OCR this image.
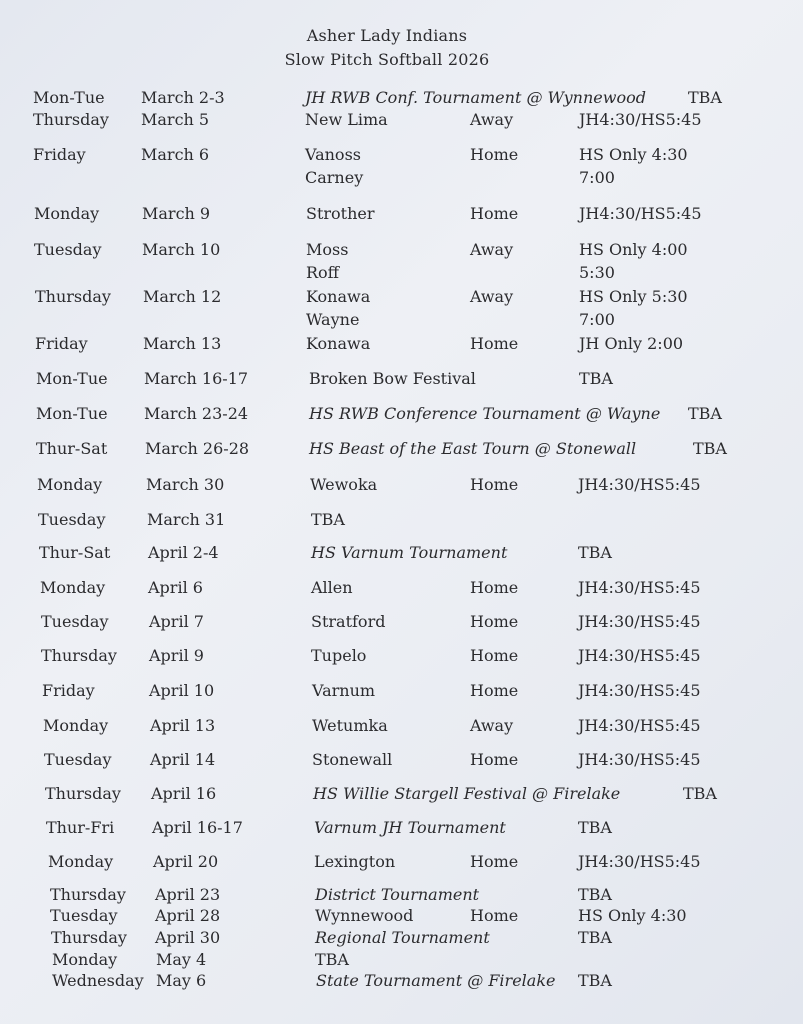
Asher Lady Indians
Slow Pitch Softball 2026
Mon-Tue March 2-3	JH RWB Conf. Tournament @ Wynnewood	TBA
Thursday March 5	New Lima	Away	JH4:30/HS5:45
Friday	March 6	Vanoss	Home	HS Only 4:30
Carney	7:00
Monday	March 9	Strother	Home	JH4:30/HS5:45
Tuesday	March 10	Moss	Away	HS Only 4:00
Roff	5:30
Thursday March 12	Konawa	Away	HS Only 5:30
Wayne	7:00
Friday	March 13	Konawa	Home	JH Only 2:00
Mon-Tue March 16-17	Broken Bow Festival	TBA
Mon-Tue March 23-24	HS RWB Conference Tournament @ Wayne TBA
Thur-Sat March 26-28	HS Beast of the East Tourn @ Stonewall	TBA
Monday	March 30	Wewoka	Home	JH4:30/HS5:45
Tuesday	March 31	TBA
Thur-Sat April 2-4	HS Varnum Tournament	TBA
Monday	April 6	Allen	Home	JH4:30/HS5:45
Tuesday	April 7	Stratford	Home	JH4:30/HS5:45
Thursday April 9	Tupelo	Home	JH4:30/HS5:45
Friday	April 10	Varnum	Home	JH4:30/HS5:45
Monday	April 13	Wetumka	Away	JH4:30/HS5:45
Tuesday April 14	Stonewall	Home	JH4:30/HS5:45
Thursday April 16	HS Willie Stargell Festival @ Firelake	TBA
Thur-Fri April 16-17	Varnum JH Tournament	TBA
Monday April 20	Lexington	Home	JH4:30/HS5:45
Thursday April 23	District Tournament	TBA
Tuesday April 28	Wynnewood	Home	HS Only 4:30
Thursday April 30	Regional Tournament	TBA
Monday May 4	TBA
Wednesday May 6	State Tournament @ Firelake TBA
